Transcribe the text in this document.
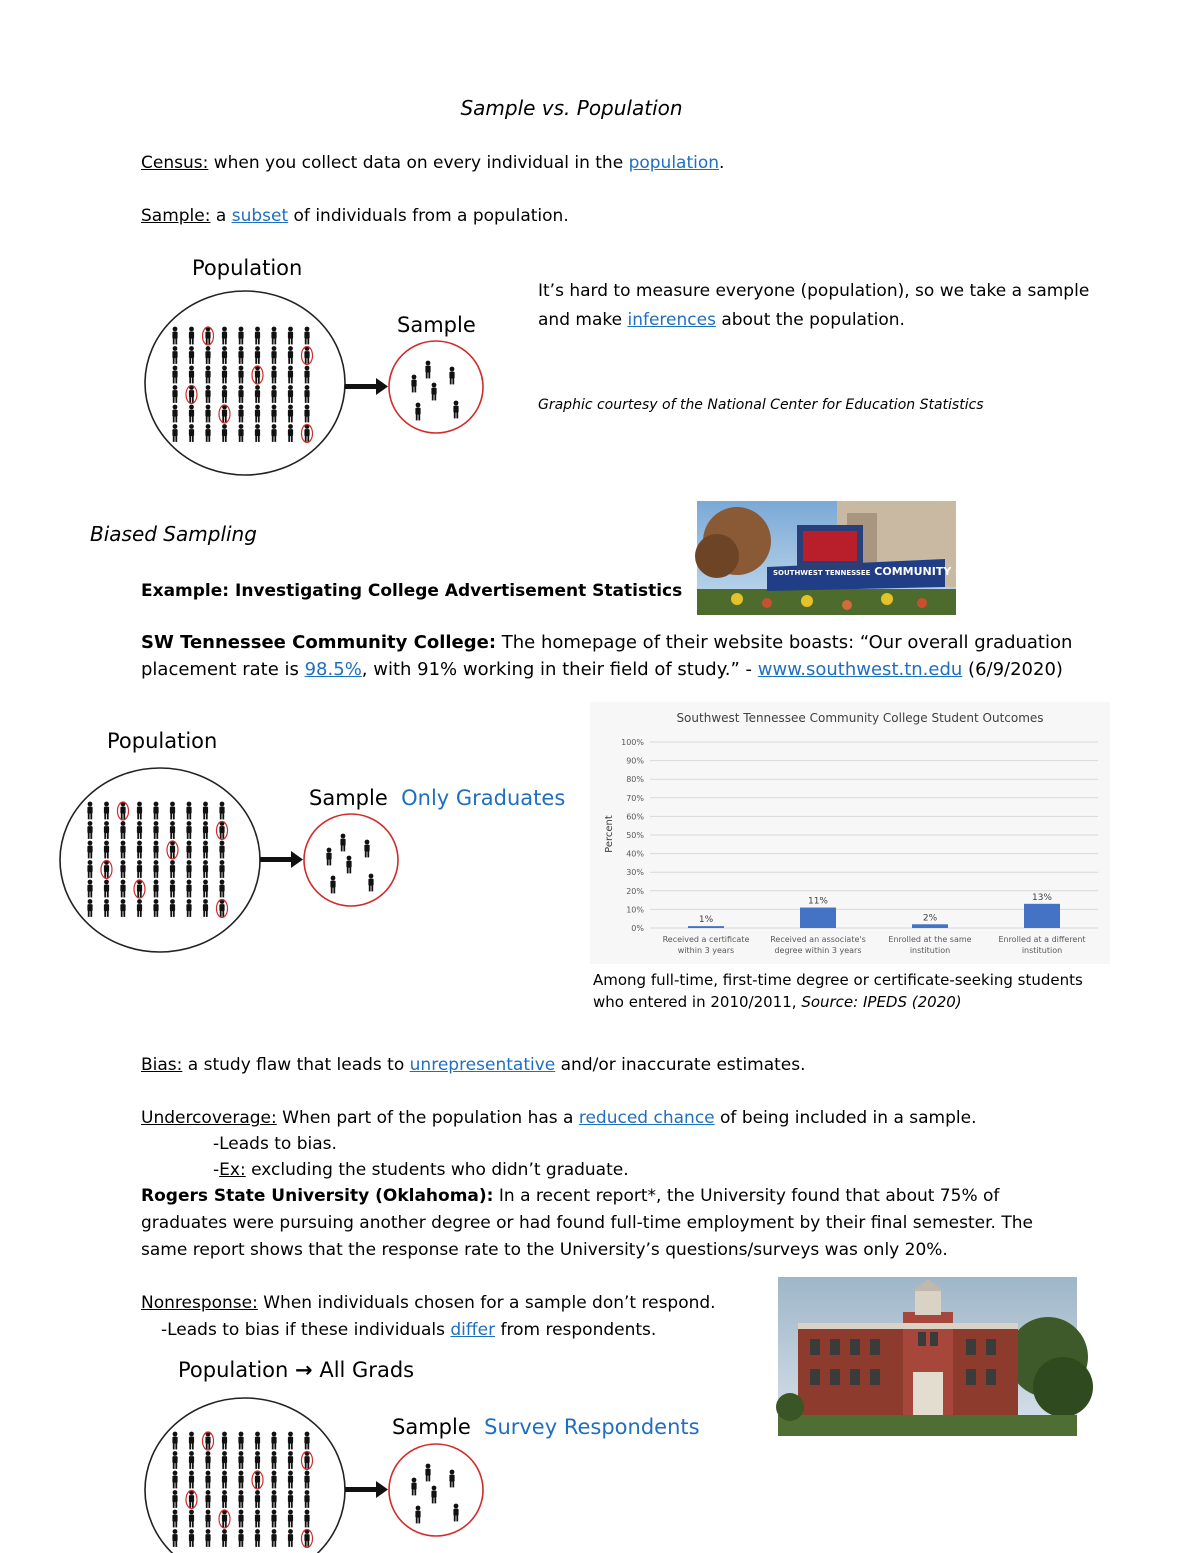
Sample vs. Population
Census: when you collect data on every individual in the population.
Sample: a subset of individuals from a population.
Population
Sample
It’s hard to measure everyone (population), so we take a sample
and make inferences about the population.
Graphic courtesy of the National Center for Education Statistics
Biased Sampling
SOUTHWEST TENNESSEE COMMUNITY COLLEGE
Example: Investigating College Advertisement Statistics
SW Tennessee Community College: The homepage of their website boasts: “Our overall graduation
placement rate is 98.5%, with 91% working in their field of study.” - www.southwest.tn.edu (6/9/2020)
Population
Sample Only Graduates
Southwest Tennessee Community College Student Outcomes
Percent
0%
10%
20%
30%
40%
50%
60%
70%
80%
90%
100%
1%
11%
2%
13%
Received a certificate
within 3 years
Received an associate's
degree within 3 years
Enrolled at the same
institution
Enrolled at a different
institution
Among full-time, first-time degree or certificate-seeking students
who entered in 2010/2011, Source: IPEDS (2020)
Bias: a study flaw that leads to unrepresentative and/or inaccurate estimates.
Undercoverage: When part of the population has a reduced chance of being included in a sample.
-Leads to bias.
-Ex: excluding the students who didn’t graduate.
Rogers State University (Oklahoma): In a recent report*, the University found that about 75% of
graduates were pursuing another degree or had found full-time employment by their final semester. The
same report shows that the response rate to the University’s questions/surveys was only 20%.
Nonresponse: When individuals chosen for a sample don’t respond.
-Leads to bias if these individuals differ from respondents.
Population → All Grads
Sample Survey Respondents
